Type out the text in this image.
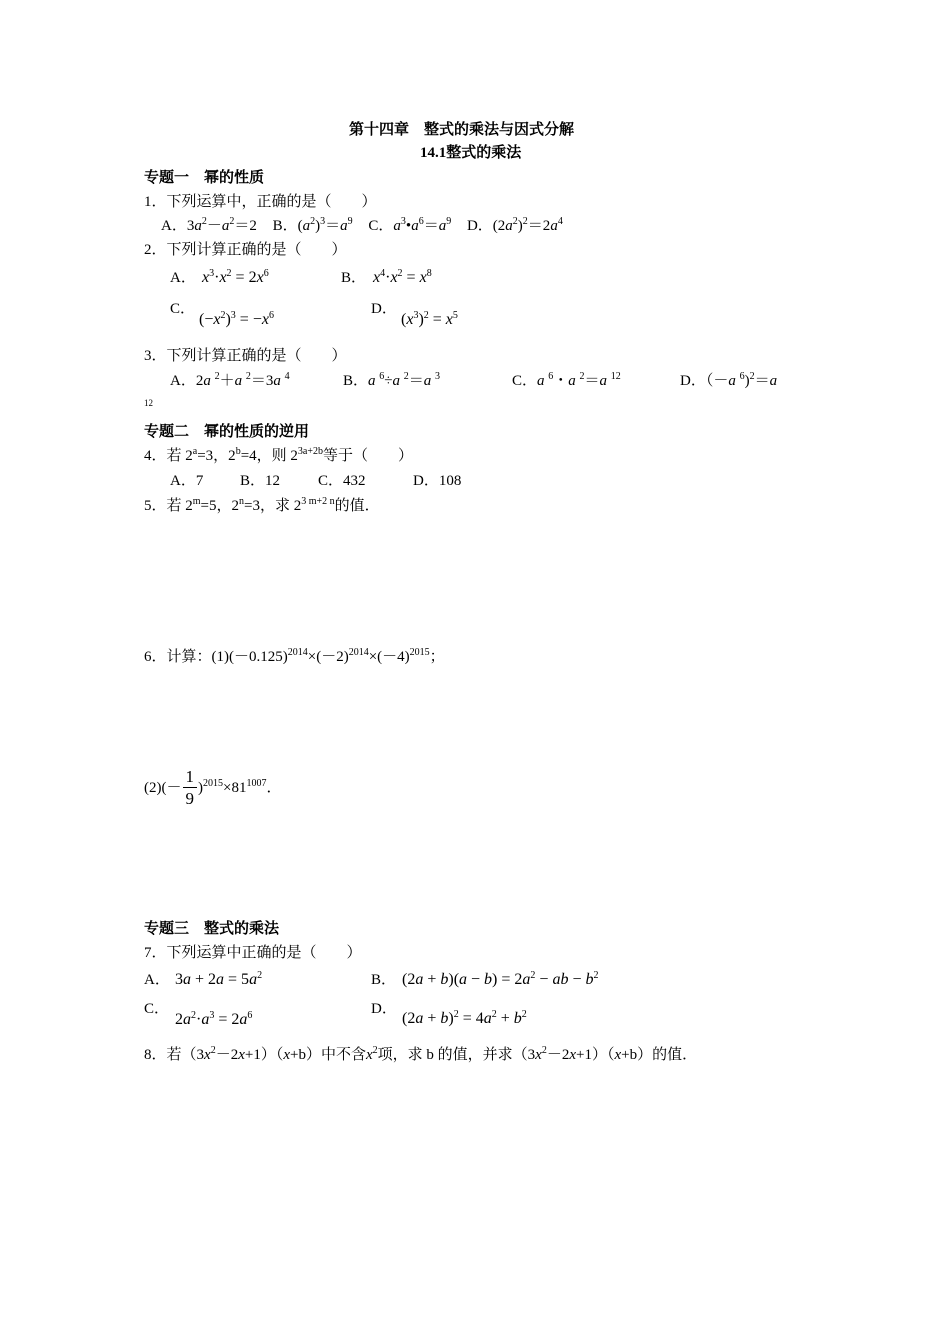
第十四章　整式的乘法与因式分解
14.1整式的乘法
专题一　幂的性质
1．下列运算中，正确的是（　　）
A．$3a^2-a^2=2$ B．$(a^2)^3=a^9$ C．$a^3•a^6=a^9$ D．$(2a^2)^2=2a^4$
2．下列计算正确的是（　　）
A． $x^3\cdot x^2 = 2x^6$	B． $x^4\cdot x^2 = x^8$
C．
$(-x^2)^3 = -x^6$	D．
$(x^3)^2 = x^5$
3．下列计算正确的是（　　）
A．2a $^2$＋a $^2$＝3a $^4$	B．a $^6$÷a $^2$＝a $^3$	C．a $^6$・a $^2$＝a $^{12}$	D．（－a $^6$)$^2$＝a
12
专题二　幂的性质的逆用
4．若 $2^a=3$，$2^b=4$，则 $2^{3a+2b}$等于（　　）
A．7 B．12	C．432	D．108
5．若 $2^m=5$，$2^n=3$，求 $2^{3 m+2 n}$的值．
6．计算：$(1)(-0.125)^{2014}\times(-2)^{2014}\times(-4)^{2015}$；
$(2)(- \frac{1}{9} )^{2015}\times 81^{1007}$．
专题三　整式的乘法
7．下列运算中正确的是（　　）
A． $3a + 2a = 5a^2$	B． $(2a + b)(a - b) = 2a^2$ − ab − $b^2$
C．
$2a^2\cdot a^3 = 2a^6$	D．
$(2a + b)^2 = 4a^2 + b^2$
8．若$(3x^2-2x+1)(x+b)$中不含$x^2$项，求 b 的值，并求$(3x^2-2x+1)(x+b)$的值．
